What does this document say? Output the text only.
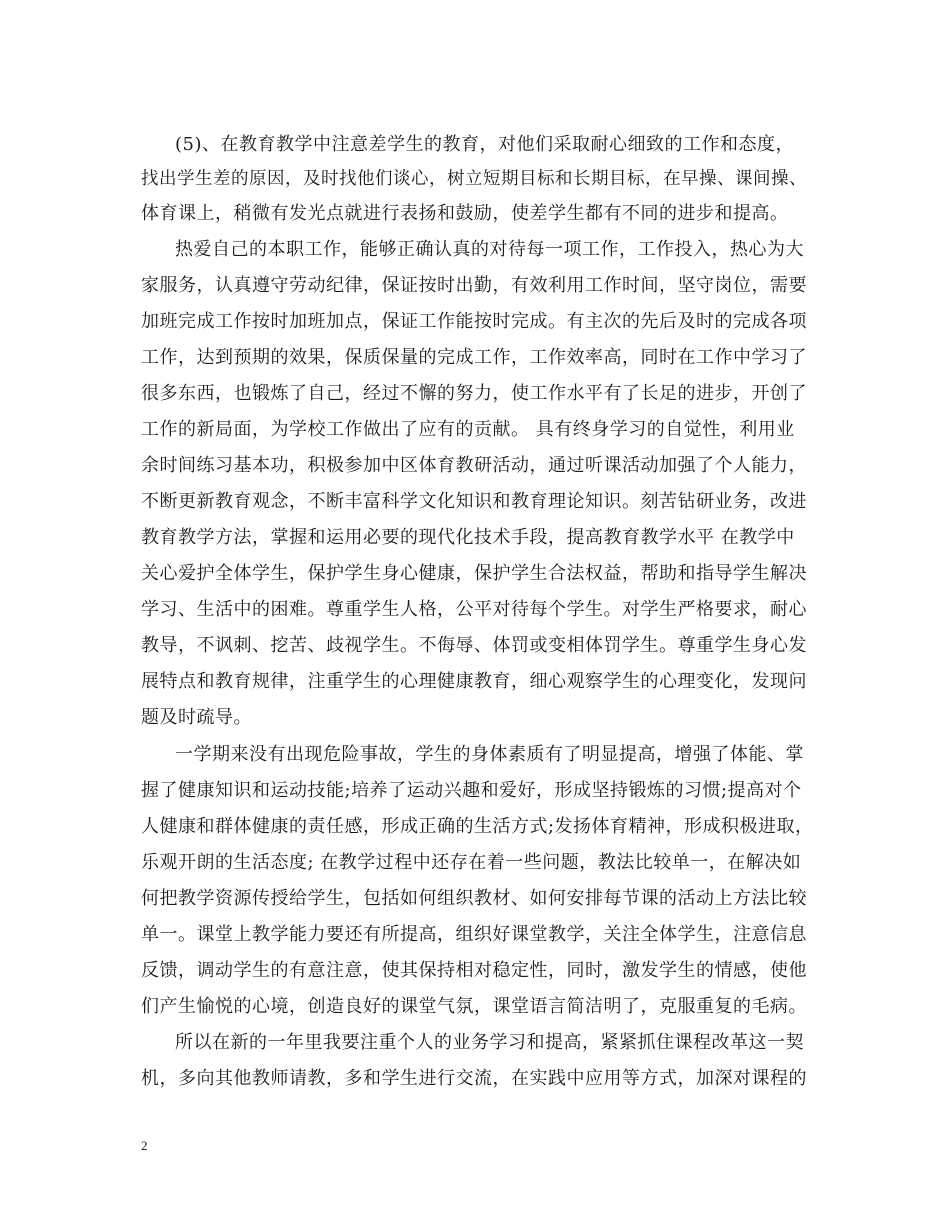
(5)、在教育教学中注意差学生的教育，对他们采取耐心细致的工作和态度，
找出学生差的原因，及时找他们谈心，树立短期目标和长期目标，在早操、课间操、
体育课上，稍微有发光点就进行表扬和鼓励，使差学生都有不同的进步和提高。
热爱自己的本职工作，能够正确认真的对待每一项工作，工作投入，热心为大
家服务，认真遵守劳动纪律，保证按时出勤，有效利用工作时间，坚守岗位，需要
加班完成工作按时加班加点，保证工作能按时完成。有主次的先后及时的完成各项
工作，达到预期的效果，保质保量的完成工作，工作效率高，同时在工作中学习了
很多东西，也锻炼了自己，经过不懈的努力，使工作水平有了长足的进步，开创了
工作的新局面，为学校工作做出了应有的贡献。 具有终身学习的自觉性，利用业
余时间练习基本功，积极参加中区体育教研活动，通过听课活动加强了个人能力，
不断更新教育观念，不断丰富科学文化知识和教育理论知识。刻苦钻研业务，改进
教育教学方法，掌握和运用必要的现代化技术手段，提高教育教学水平 在教学中
关心爱护全体学生，保护学生身心健康，保护学生合法权益，帮助和指导学生解决
学习、生活中的困难。尊重学生人格，公平对待每个学生。对学生严格要求，耐心
教导，不讽刺、挖苦、歧视学生。不侮辱、体罚或变相体罚学生。尊重学生身心发
展特点和教育规律，注重学生的心理健康教育，细心观察学生的心理变化，发现问
题及时疏导。
一学期来没有出现危险事故，学生的身体素质有了明显提高，增强了体能、掌
握了健康知识和运动技能;培养了运动兴趣和爱好，形成坚持锻炼的习惯;提高对个
人健康和群体健康的责任感，形成正确的生活方式;发扬体育精神，形成积极进取，
乐观开朗的生活态度; 在教学过程中还存在着一些问题，教法比较单一，在解决如
何把教学资源传授给学生，包括如何组织教材、如何安排每节课的活动上方法比较
单一。课堂上教学能力要还有所提高，组织好课堂教学，关注全体学生，注意信息
反馈，调动学生的有意注意，使其保持相对稳定性，同时，激发学生的情感，使他
们产生愉悦的心境，创造良好的课堂气氛，课堂语言简洁明了，克服重复的毛病。
所以在新的一年里我要注重个人的业务学习和提高，紧紧抓住课程改革这一契
机，多向其他教师请教，多和学生进行交流，在实践中应用等方式，加深对课程的
2
